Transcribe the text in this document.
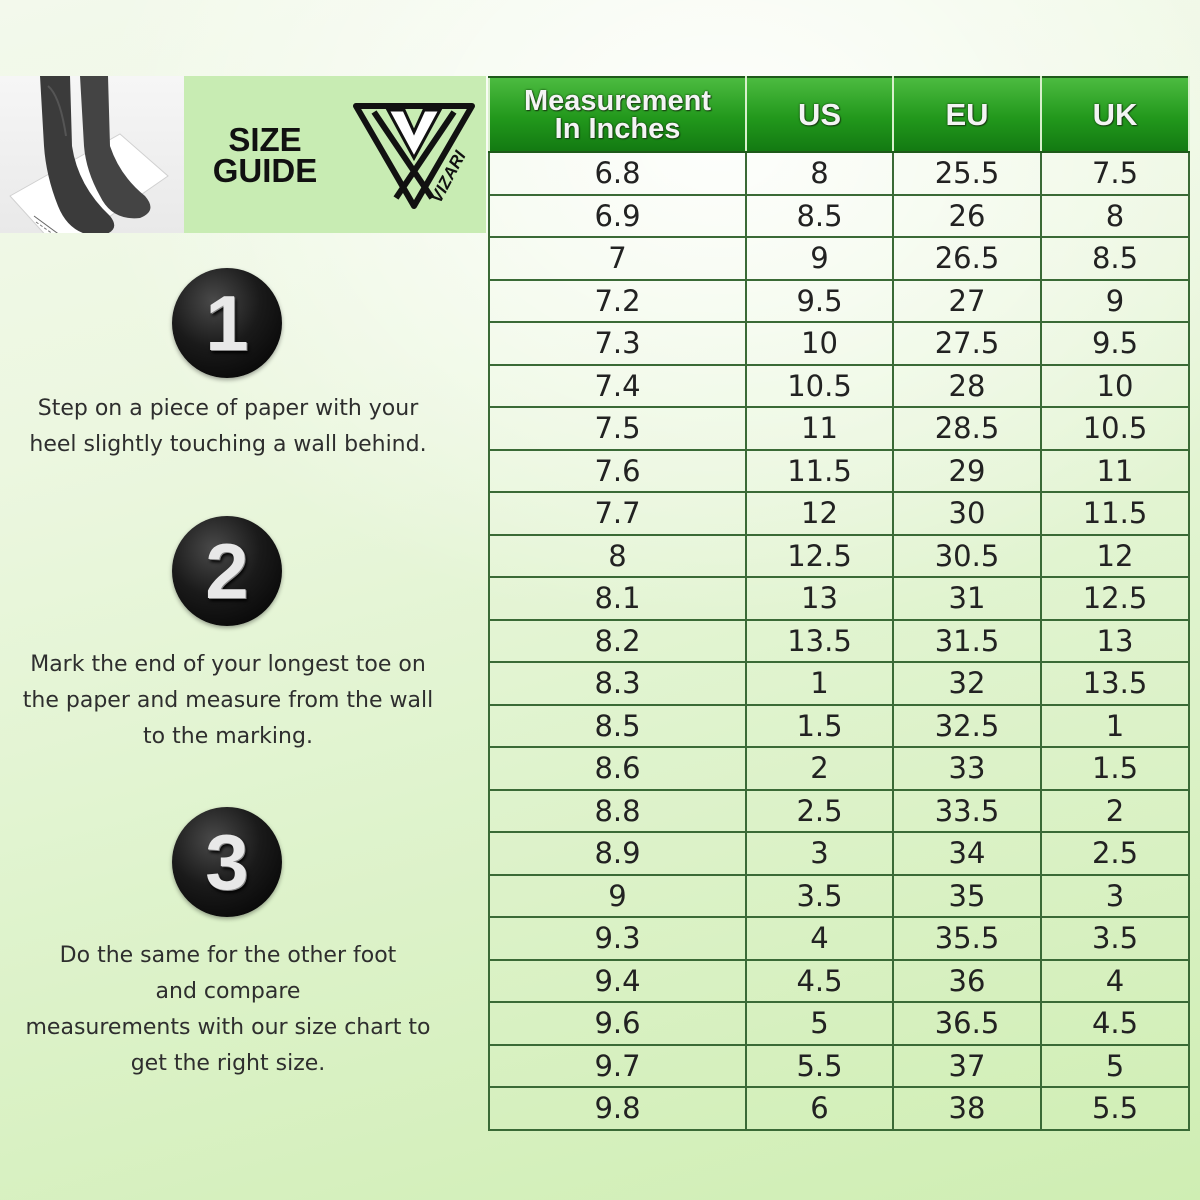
SIZE
GUIDE	VIZARI
1
Step on a piece of paper with your
heel slightly touching a wall behind.
2
Mark the end of your longest toe on
the paper and measure from the wall
to the marking.
3
Do the same for the other foot
and compare
measurements with our size chart to
get the right size.
Measurement
In Inches	US	EU	UK
6.8	8	25.5	7.5
6.9	8.5	26	8
7	9	26.5	8.5
7.2	9.5	27	9
7.3	10	27.5	9.5
7.4	10.5	28	10
7.5	11	28.5	10.5
7.6	11.5	29	11
7.7	12	30	11.5
8	12.5	30.5	12
8.1	13	31	12.5
8.2	13.5	31.5	13
8.3	1	32	13.5
8.5	1.5	32.5	1
8.6	2	33	1.5
8.8	2.5	33.5	2
8.9	3	34	2.5
9	3.5	35	3
9.3	4	35.5	3.5
9.4	4.5	36	4
9.6	5	36.5	4.5
9.7	5.5	37	5
9.8	6	38	5.5
